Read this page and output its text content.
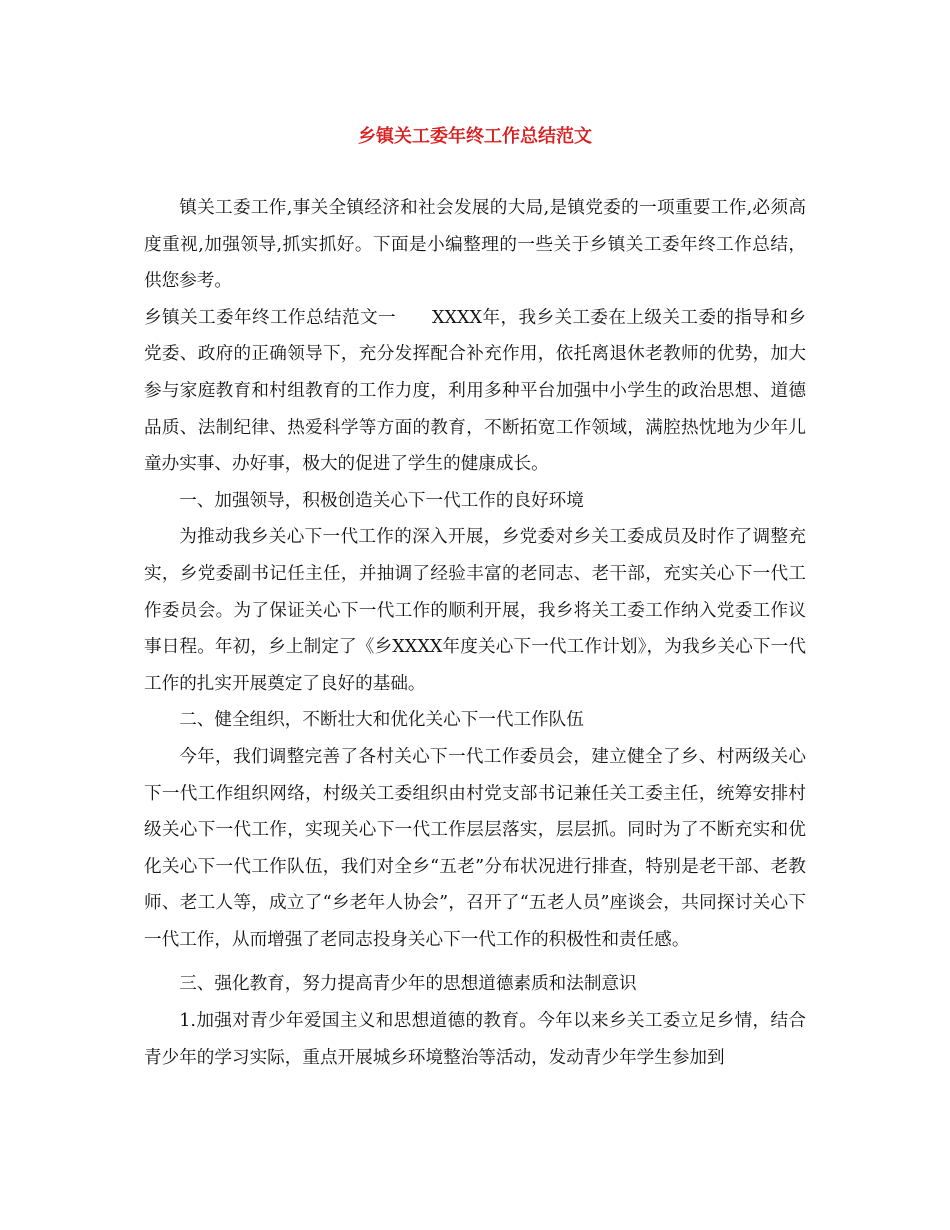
乡镇关工委年终工作总结范文

镇关工委工作,事关全镇经济和社会发展的大局,是镇党委的一项重要工作,必须高度重视,加强领导,抓实抓好。下面是小编整理的一些关于乡镇关工委年终工作总结，供您参考。

乡镇关工委年终工作总结范文一　　XXXX年，我乡关工委在上级关工委的指导和乡党委、政府的正确领导下，充分发挥配合补充作用，依托离退休老教师的优势，加大参与家庭教育和村组教育的工作力度，利用多种平台加强中小学生的政治思想、道德品质、法制纪律、热爱科学等方面的教育，不断拓宽工作领域，满腔热忱地为少年儿童办实事、办好事，极大的促进了学生的健康成长。

一、加强领导，积极创造关心下一代工作的良好环境

为推动我乡关心下一代工作的深入开展，乡党委对乡关工委成员及时作了调整充实，乡党委副书记任主任，并抽调了经验丰富的老同志、老干部，充实关心下一代工作委员会。为了保证关心下一代工作的顺利开展，我乡将关工委工作纳入党委工作议事日程。年初，乡上制定了《乡XXXX年度关心下一代工作计划》，为我乡关心下一代工作的扎实开展奠定了良好的基础。

二、健全组织，不断壮大和优化关心下一代工作队伍

今年，我们调整完善了各村关心下一代工作委员会，建立健全了乡、村两级关心下一代工作组织网络，村级关工委组织由村党支部书记兼任关工委主任，统筹安排村级关心下一代工作，实现关心下一代工作层层落实，层层抓。同时为了不断充实和优化关心下一代工作队伍，我们对全乡“五老”分布状况进行排查，特别是老干部、老教师、老工人等，成立了“乡老年人协会”，召开了“五老人员”座谈会，共同探讨关心下一代工作，从而增强了老同志投身关心下一代工作的积极性和责任感。

三、强化教育，努力提高青少年的思想道德素质和法制意识

1.加强对青少年爱国主义和思想道德的教育。今年以来乡关工委立足乡情，结合青少年的学习实际，重点开展城乡环境整治等活动，发动青少年学生参加到
